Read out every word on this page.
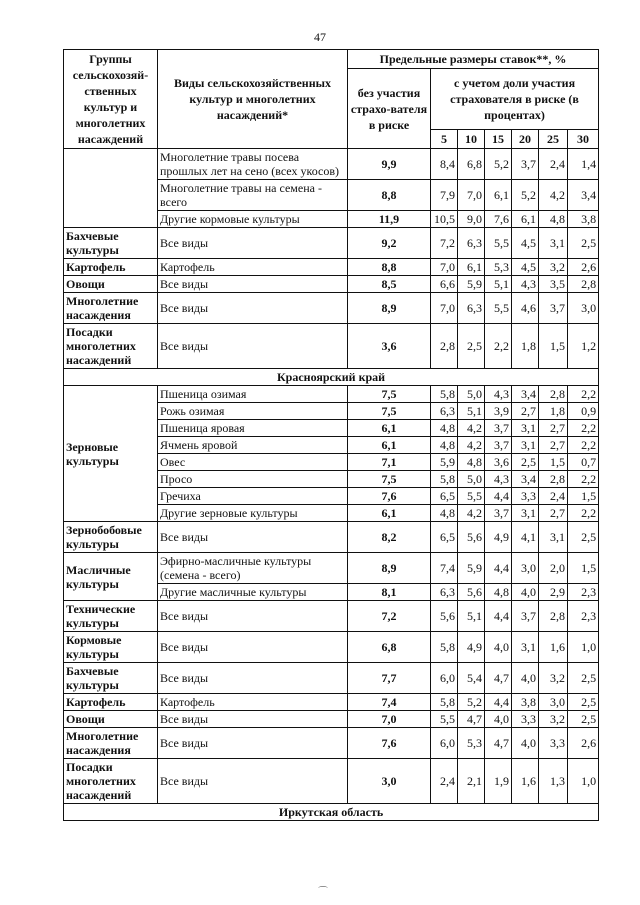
47
Группы сельскохозяй-ственных культур и многолетних насаждений	Виды сельскохозяйственных культур и многолетних насаждений*	Предельные размеры ставок**, %						
		без участия страхо-вателя в риске	с учетом доли участия страхователя в риске (в процентах)					
			5	10	15	20	25	30
	Многолетние травы посева прошлых лет на сено (всех укосов)	9,9	8,4	6,8	5,2	3,7	2,4	1,4
	Многолетние травы на семена - всего	8,8	7,9	7,0	6,1	5,2	4,2	3,4
	Другие кормовые культуры	11,9	10,5	9,0	7,6	6,1	4,8	3,8
Бахчевые культуры	Все виды	9,2	7,2	6,3	5,5	4,5	3,1	2,5
Картофель	Картофель	8,8	7,0	6,1	5,3	4,5	3,2	2,6
Овощи	Все виды	8,5	6,6	5,9	5,1	4,3	3,5	2,8
Многолетние насаждения	Все виды	8,9	7,0	6,3	5,5	4,6	3,7	3,0
Посадки многолетних насаждений	Все виды	3,6	2,8	2,5	2,2	1,8	1,5	1,2
Красноярский край								
Зерновые культуры	Пшеница озимая	7,5	5,8	5,0	4,3	3,4	2,8	2,2
	Рожь озимая	7,5	6,3	5,1	3,9	2,7	1,8	0,9
	Пшеница яровая	6,1	4,8	4,2	3,7	3,1	2,7	2,2
	Ячмень яровой	6,1	4,8	4,2	3,7	3,1	2,7	2,2
	Овес	7,1	5,9	4,8	3,6	2,5	1,5	0,7
	Просо	7,5	5,8	5,0	4,3	3,4	2,8	2,2
	Гречиха	7,6	6,5	5,5	4,4	3,3	2,4	1,5
	Другие зерновые культуры	6,1	4,8	4,2	3,7	3,1	2,7	2,2
Зернобобовые культуры	Все виды	8,2	6,5	5,6	4,9	4,1	3,1	2,5
Масличные культуры	Эфирно-масличные культуры (семена - всего)	8,9	7,4	5,9	4,4	3,0	2,0	1,5
	Другие масличные культуры	8,1	6,3	5,6	4,8	4,0	2,9	2,3
Технические культуры	Все виды	7,2	5,6	5,1	4,4	3,7	2,8	2,3
Кормовые культуры	Все виды	6,8	5,8	4,9	4,0	3,1	1,6	1,0
Бахчевые культуры	Все виды	7,7	6,0	5,4	4,7	4,0	3,2	2,5
Картофель	Картофель	7,4	5,8	5,2	4,4	3,8	3,0	2,5
Овощи	Все виды	7,0	5,5	4,7	4,0	3,3	3,2	2,5
Многолетние насаждения	Все виды	7,6	6,0	5,3	4,7	4,0	3,3	2,6
Посадки многолетних насаждений	Все виды	3,0	2,4	2,1	1,9	1,6	1,3	1,0
Иркутская область								
⌒
